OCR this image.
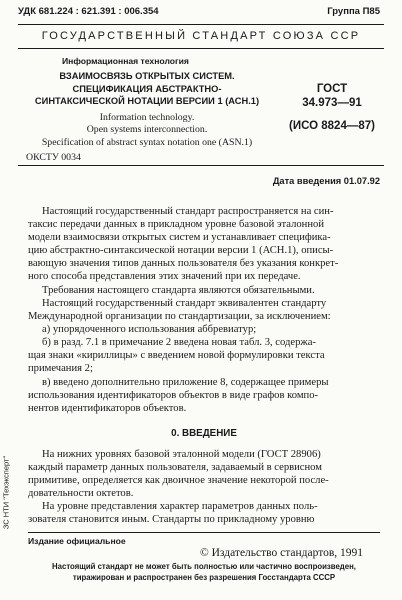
УДК 681.224 : 621.391 : 006.354	Группа П85
ГОСУДАРСТВЕННЫЙ СТАНДАРТ СОЮЗА ССР
Информационная технология
ВЗАИМОСВЯЗЬ ОТКРЫТЫХ СИСТЕМ.
СПЕЦИФИКАЦИЯ АБСТРАКТНО-
СИНТАКСИЧЕСКОЙ НОТАЦИИ ВЕРСИИ 1 (АСН.1)
ГОСТ
34.973—91
(ИСО 8824—87)
Information technology.
Open systems interconnection.
Specification of abstract syntax notation one (ASN.1)
ОКСТУ 0034
Дата введения 01.07.92
Настоящий государственный стандарт распространяется на син-
таксис передачи данных в прикладном уровне базовой эталонной
модели взаимосвязи открытых систем и устанавливает специфика-
цию абстрактно-синтаксической нотации версии 1 (АСН.1), описы-
вающую значения типов данных пользователя без указания конкрет-
ного способа представления этих значений при их передаче.
Требования настоящего стандарта являются обязательными.
Настоящий государственный стандарт эквивалентен стандарту
Международной организации по стандартизации, за исключением:
а) упорядоченного использования аббревиатур;
б) в разд. 7.1 в примечание 2 введена новая табл. 3, содержа-
щая знаки «кириллицы» с введением новой формулировки текста
примечания 2;
в) введено дополнительно приложение 8, содержащее примеры
использования идентификаторов объектов в виде графов компо-
нентов идентификаторов объектов.
0. ВВЕДЕНИЕ
На нижних уровнях базовой эталонной модели (ГОСТ 28906)
каждый параметр данных пользователя, задаваемый в сервисном
примитиве, определяется как двоичное значение некоторой после-
довательности октетов.
На уровне представления характер параметров данных поль-
зователя становится иным. Стандарты по прикладному уровню
Издание официальное
© Издательство стандартов, 1991
Настоящий стандарт не может быть полностью или частично воспроизведен,
тиражирован и распространен без разрешения Госстандарта СССР
ЗС НТИ "Техэксперт"
